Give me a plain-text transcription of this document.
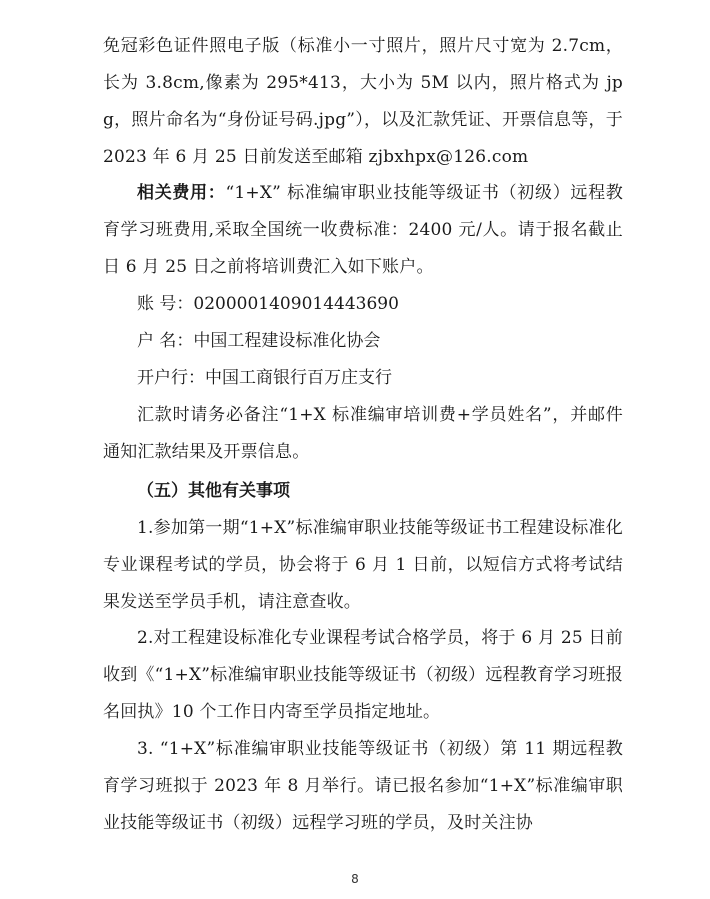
免冠彩色证件照电子版（标准小一寸照片，照片尺寸宽为 2.7cm，长为 3.8cm,像素为 295*413，大小为 5M 以内，照片格式为 jpg，照片命名为“身份证号码.jpg”），以及汇款凭证、开票信息等，于 2023 年 6 月 25 日前发送至邮箱 zjbxhpx@126.com
相关费用：“1+X” 标准编审职业技能等级证书（初级）远程教育学习班费用,采取全国统一收费标准：2400 元/人。请于报名截止日 6 月 25 日之前将培训费汇入如下账户。
账 号：0200001409014443690
户 名：中国工程建设标准化协会
开户行：中国工商银行百万庄支行
汇款时请务必备注“1+X 标准编审培训费+学员姓名”，并邮件通知汇款结果及开票信息。
（五）其他有关事项
1.参加第一期“1+X”标准编审职业技能等级证书工程建设标准化专业课程考试的学员，协会将于 6 月 1 日前，以短信方式将考试结果发送至学员手机，请注意查收。
2.对工程建设标准化专业课程考试合格学员，将于 6 月 25 日前收到《“1+X”标准编审职业技能等级证书（初级）远程教育学习班报名回执》10 个工作日内寄至学员指定地址。
3. “1+X”标准编审职业技能等级证书（初级）第 11 期远程教育学习班拟于 2023 年 8 月举行。请已报名参加“1+X”标准编审职业技能等级证书（初级）远程学习班的学员，及时关注协
8
